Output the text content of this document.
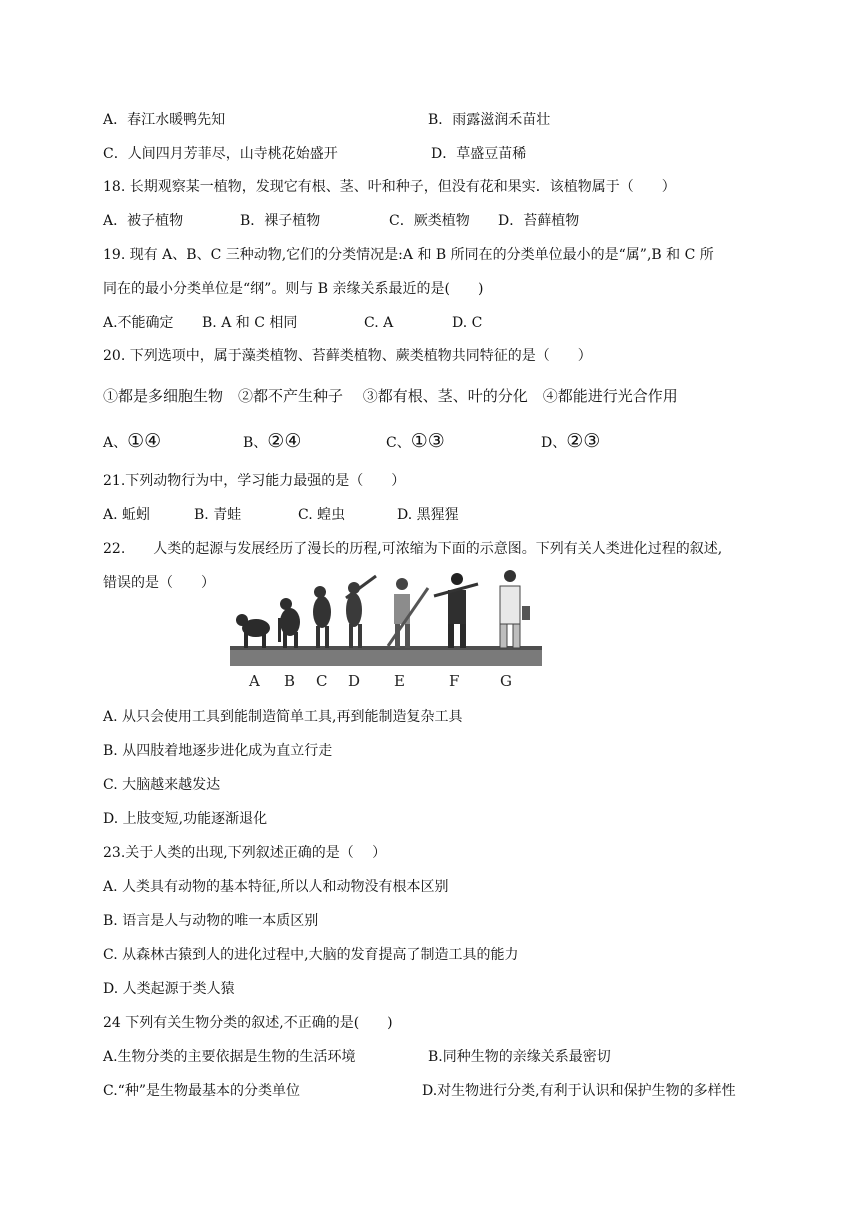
A．春江水暖鸭先知	B．雨露滋润禾苗壮
C．人间四月芳菲尽，山寺桃花始盛开	D．草盛豆苗稀
18. 长期观察某一植物，发现它有根、茎、叶和种子，但没有花和果实．该植物属于（　　）
A．被子植物	B．裸子植物	C．厥类植物 D．苔藓植物
19. 现有 A、B、C 三种动物,它们的分类情况是:A 和 B 所同在的分类单位最小的是“属”,B 和 C 所
同在的最小分类单位是“纲”。则与 B 亲缘关系最近的是(　　)
A.不能确定 B. A 和 C 相同	C. A	D. C
20. 下列选项中，属于藻类植物、苔藓类植物、蕨类植物共同特征的是（　　）
①都是多细胞生物　②都不产生种子　 ③都有根、茎、叶的分化　④都能进行光合作用
A、①④	B、②④	C、①③	D、②③
21.下列动物行为中，学习能力最强的是（　　）
A. 蚯蚓	B. 青蛙	C. 蝗虫	D. 黑猩猩
22.　　人类的起源与发展经历了漫长的历程,可浓缩为下面的示意图。下列有关人类进化过程的叙述,
错误的是（　　）
A B C D E	F	G
A. 从只会使用工具到能制造简单工具,再到能制造复杂工具
B. 从四肢着地逐步进化成为直立行走
C. 大脑越来越发达
D. 上肢变短,功能逐渐退化
23.关于人类的出现,下列叙述正确的是（　 ）
A. 人类具有动物的基本特征,所以人和动物没有根本区别
B. 语言是人与动物的唯一本质区别
C. 从森林古猿到人的进化过程中,大脑的发育提高了制造工具的能力
D. 人类起源于类人猿
24 下列有关生物分类的叙述,不正确的是(　　)
A.生物分类的主要依据是生物的生活环境	B.同种生物的亲缘关系最密切
C.“种”是生物最基本的分类单位	D.对生物进行分类,有利于认识和保护生物的多样性
